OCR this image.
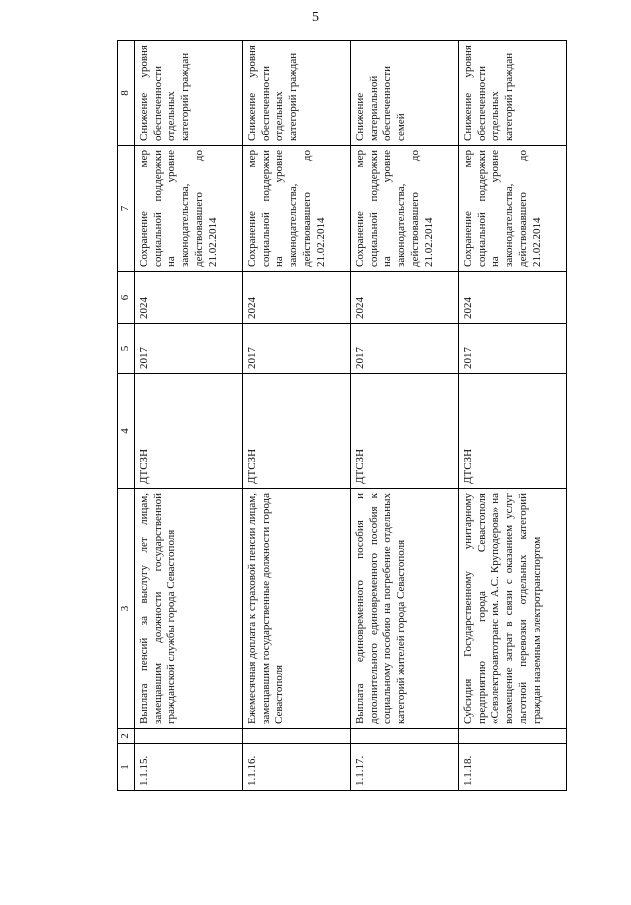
5
1	2	3	4	5	6	7	8
1.1.15.		Выплата пенсий за выслугу лет лицам, замещавшим должности государственной гражданской службы города Севастополя	ДТСЗН	2017	2024	Сохранение мер социальной поддержки на уровне законодательства, действовавшего до 21.02.2014	Снижение уровня обеспеченности отдельных категорий граждан
1.1.16.		Ежемесячная доплата к страховой пенсии лицам, замещавшим государственные должности города Севастополя	ДТСЗН	2017	2024	Сохранение мер социальной поддержки на уровне законодательства, действовавшего до 21.02.2014	Снижение уровня обеспеченности отдельных категорий граждан
1.1.17.		Выплата единовременного пособия и дополнительного единовременного пособия к социальному пособию на погребение отдельных категорий жителей города Севастополя	ДТСЗН	2017	2024	Сохранение мер социальной поддержки на уровне законодательства, действовавшего до 21.02.2014	Снижение материальной обеспеченности семей
1.1.18.		Субсидия Государственному унитарному предприятию города Севастополя «Севэлектроавтотранс им. А.С. Круподерова» на возмещение затрат в связи с оказанием услуг льготной перевозки отдельных категорий граждан наземным электротранспортом	ДТСЗН	2017	2024	Сохранение мер социальной поддержки на уровне законодательства, действовавшего до 21.02.2014	Снижение уровня обеспеченности отдельных категорий граждан
